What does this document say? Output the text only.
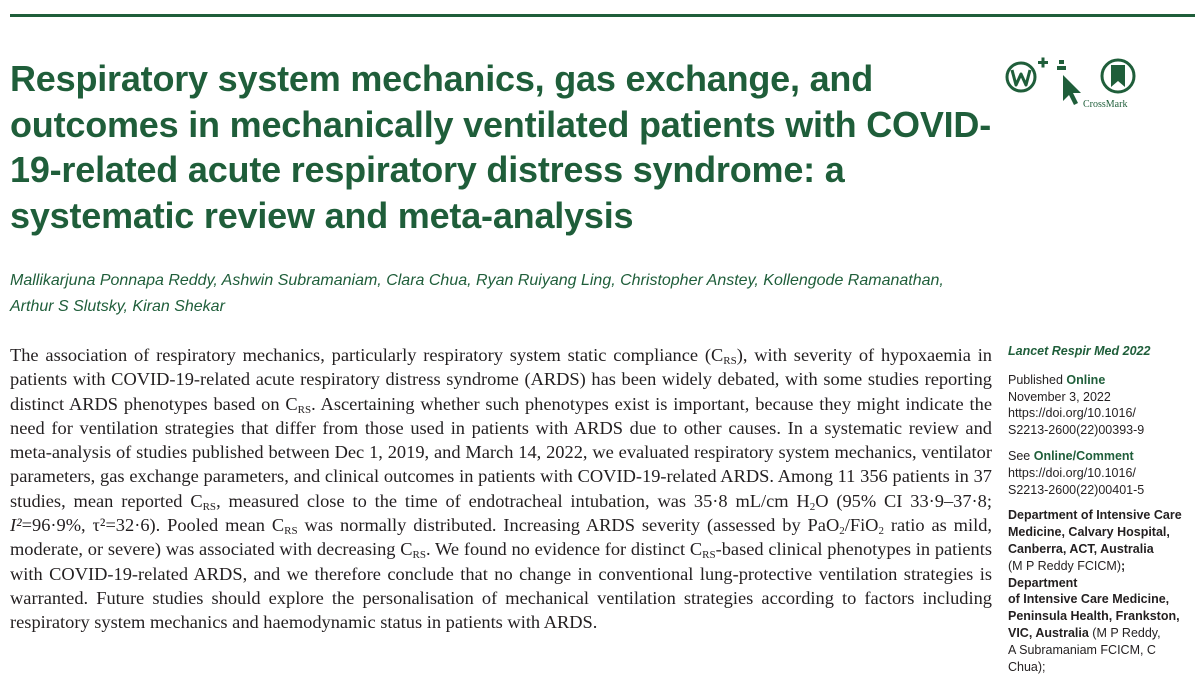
Respiratory system mechanics, gas exchange, and outcomes in mechanically ventilated patients with COVID-19-related acute respiratory distress syndrome: a systematic review and meta-analysis
CrossMark
Mallikarjuna Ponnapa Reddy, Ashwin Subramaniam, Clara Chua, Ryan Ruiyang Ling, Christopher Anstey, Kollengode Ramanathan,
Arthur S Slutsky, Kiran Shekar

The association of respiratory mechanics, particularly respiratory system static compliance $(C_{RS})$, with severity of hypoxaemia in patients with COVID-19-related acute respiratory distress syndrome (ARDS) has been widely debated, with some studies reporting distinct ARDS phenotypes based on $C_{RS}$. Ascertaining whether such phenotypes exist is important, because they might indicate the need for ventilation strategies that differ from those used in patients with ARDS due to other causes. In a systematic review and meta-analysis of studies published between Dec 1, 2019, and March 14, 2022, we evaluated respiratory system mechanics, ventilator parameters, gas exchange parameters, and clinical outcomes in patients with COVID-19-related ARDS. Among 11 356 patients in 37 studies, mean reported $C_{RS}$, measured close to the time of endotracheal intubation, was 35·8 mL/cm $H_2O$ (95% CI 33·9–37·8; I²=96·9%, τ²=32·6). Pooled mean $C_{RS}$ was normally distributed. Increasing ARDS severity (assessed by PaO$_2$/FiO$_2$ ratio as mild, moderate, or severe) was associated with decreasing $C_{RS}$. We found no evidence for distinct $C_{RS}$-based clinical phenotypes in patients with COVID-19-related ARDS, and we therefore conclude that no change in conventional lung-protective ventilation strategies is warranted. Future studies should explore the personalisation of mechanical ventilation strategies according to factors including respiratory system mechanics and haemodynamic status in patients with ARDS.

Lancet Respir Med 2022

Published Online

November 3, 2022

https://doi.org/10.1016/

S2213-2600(22)00393-9

See Online/Comment

https://doi.org/10.1016/

S2213-2600(22)00401-5

Department of Intensive Care

Medicine, Calvary Hospital,

Canberra, ACT, Australia

(M P Reddy FCICM); Department

of Intensive Care Medicine,

Peninsula Health, Frankston,

VIC, Australia (M P Reddy,

A Subramaniam FCICM, C Chua);
